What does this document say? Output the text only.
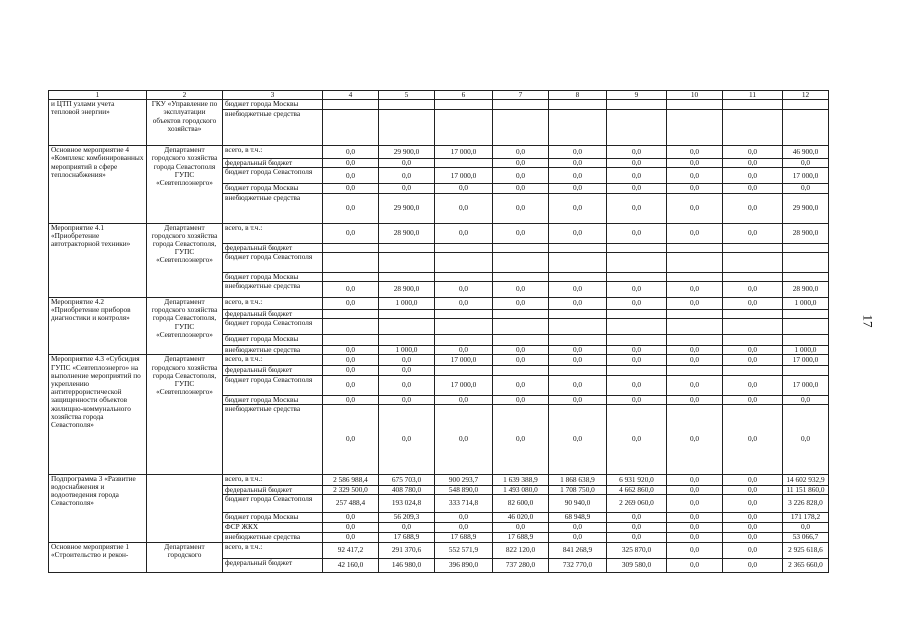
1	2	3	4	5	6	7	8	9	10	11	12
и ЦТП узлами учета тепловой энергии»	ГКУ «Управление по эксплуатации объектов городского хозяйства»	бюджет города Москвы									
		внебюджетные средства									
Основное мероприятие 4 «Комплекс комбинированных мероприятий в сфере теплоснабжения»	Департамент городского хозяйства города Севастополя ГУПС «Севтеплоэнерго»	всего, в т.ч.:	0,0	29 900,0	17 000,0	0,0	0,0	0,0	0,0	0,0	46 900,0
		федеральный бюджет	0,0	0,0		0,0	0,0	0,0	0,0	0,0	0,0
		бюджет города Севастополя	0,0	0,0	17 000,0	0,0	0,0	0,0	0,0	0,0	17 000,0
		бюджет города Москвы	0,0	0,0	0,0	0,0	0,0	0,0	0,0	0,0	0,0
		внебюджетные средства	0,0	29 900,0	0,0	0,0	0,0	0,0	0,0	0,0	29 900,0
Мероприятие 4.1 «Приобретение автотракторной техники»	Департамент городского хозяйства города Севастополя, ГУПС «Севтеплоэнерго»	всего, в т.ч.:	0,0	28 900,0	0,0	0,0	0,0	0,0	0,0	0,0	28 900,0
		федеральный бюджет									
		бюджет города Севастополя									
		бюджет города Москвы									
		внебюджетные средства	0,0	28 900,0	0,0	0,0	0,0	0,0	0,0	0,0	28 900,0
Мероприятие 4.2 «Приобретение приборов диагностики и контроля»	Департамент городского хозяйства города Севастополя, ГУПС «Севтеплоэнерго»	всего, в т.ч.:	0,0	1 000,0	0,0	0,0	0,0	0,0	0,0	0,0	1 000,0
		федеральный бюджет									
		бюджет города Севастополя									
		бюджет города Москвы									
		внебюджетные средства	0,0	1 000,0	0,0	0,0	0,0	0,0	0,0	0,0	1 000,0
Мероприятие 4.3 «Субсидия ГУПС «Севтеплоэнерго» на выполнение мероприятий по укреплению антитеррористической защищенности объектов жилищно-коммунального хозяйства города Севастополя»	Департамент городского хозяйства города Севастополя, ГУПС «Севтеплоэнерго»	всего, в т.ч.:	0,0	0,0	17 000,0	0,0	0,0	0,0	0,0	0,0	17 000,0
		федеральный бюджет	0,0	0,0							
		бюджет города Севастополя	0,0	0,0	17 000,0	0,0	0,0	0,0	0,0	0,0	17 000,0
		бюджет города Москвы	0,0	0,0	0,0	0,0	0,0	0,0	0,0	0,0	0,0
		внебюджетные средства	0,0	0,0	0,0	0,0	0,0	0,0	0,0	0,0	0,0
Подпрограмма 3 «Развитие водоснабжения и водоотведения города Севастополя»		всего, в т.ч.:	2 586 988,4	675 703,0	900 293,7	1 639 388,9	1 868 638,9	6 931 920,0	0,0	0,0	14 602 932,9
		федеральный бюджет	2 329 500,0	408 780,0	548 890,0	1 493 080,0	1 708 750,0	4 662 860,0	0,0	0,0	11 151 860,0
		бюджет города Севастополя	257 488,4	193 024,8	333 714,8	82 600,0	90 940,0	2 269 060,0	0,0	0,0	3 226 828,0
		бюджет города Москвы	0,0	56 209,3	0,0	46 020,0	68 948,9	0,0	0,0	0,0	171 178,2
		ФСР ЖКХ	0,0	0,0	0,0	0,0	0,0	0,0	0,0	0,0	0,0
		внебюджетные средства	0,0	17 688,9	17 688,9	17 688,9	0,0	0,0	0,0	0,0	53 066,7
Основное мероприятие 1 «Строительство и рекон-	Департамент городского	всего, в т.ч.:	92 417,2	291 370,6	552 571,9	822 120,0	841 268,9	325 870,0	0,0	0,0	2 925 618,6
		федеральный бюджет	42 160,0	146 980,0	396 890,0	737 280,0	732 770,0	309 580,0	0,0	0,0	2 365 660,0
17
